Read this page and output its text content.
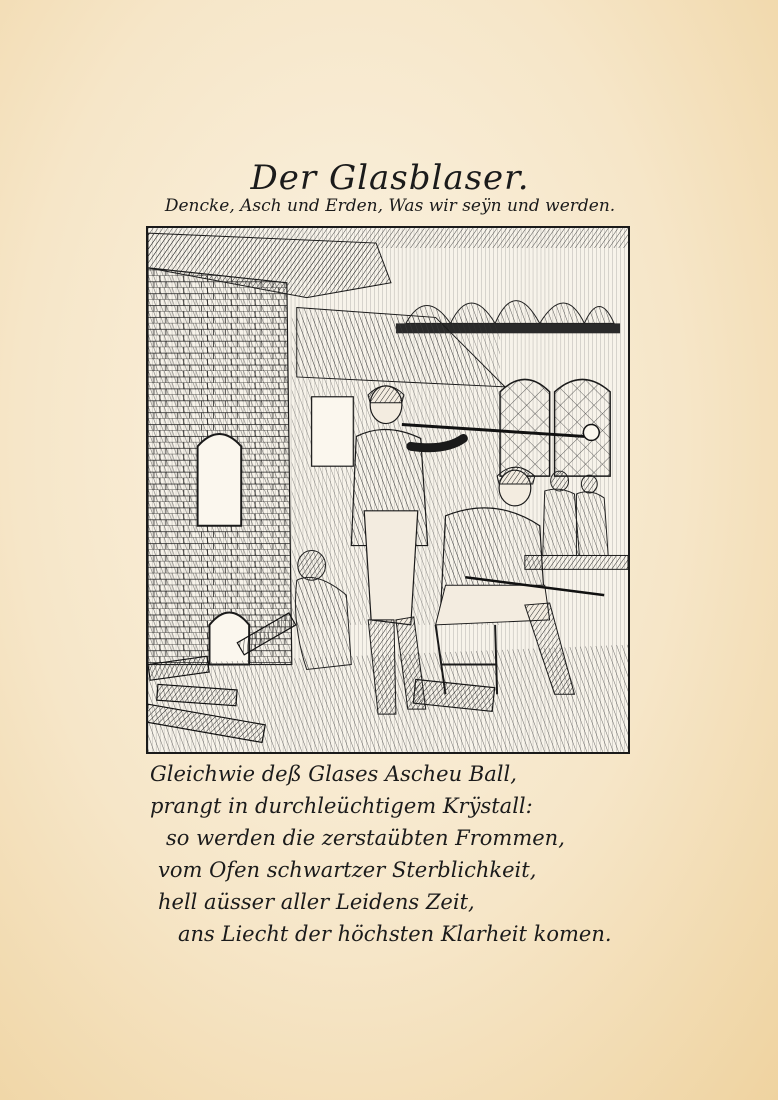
Der Glasblaser.
Dencke, Asch und Erden, Was wir seÿn und werden.
Gleichwie deß Glases Ascheu Ball,
prangt in durchleüchtigem Krÿstall:
so werden die zerstaübten Frommen,
vom Ofen schwartzer Sterblichkeit,
hell aüsser aller Leidens Zeit,
ans Liecht der höchsten Klarheit komen.
